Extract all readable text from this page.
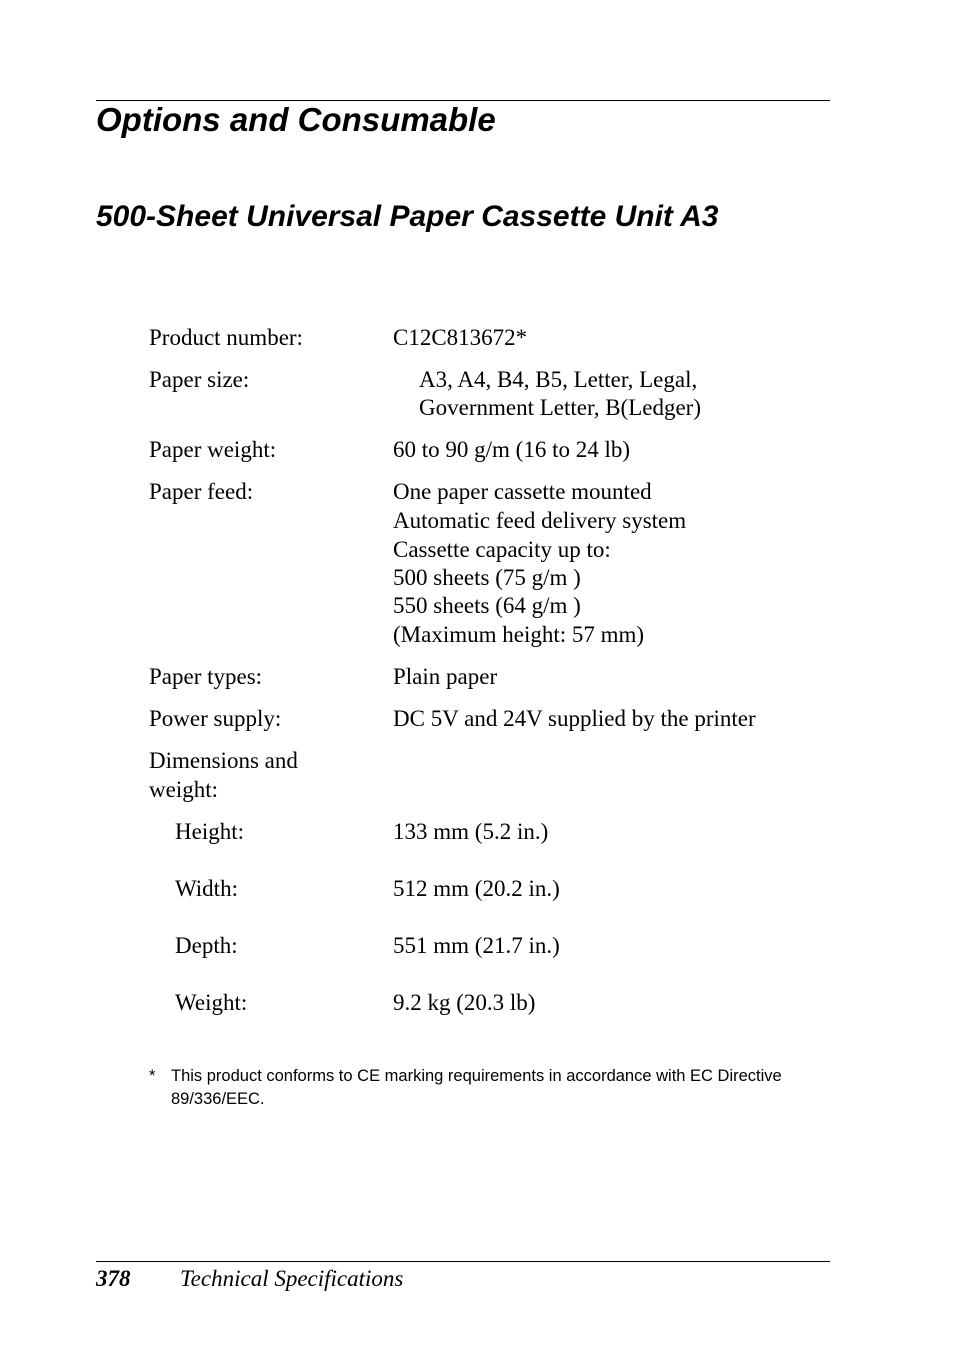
Options and Consumable
500-Sheet Universal Paper Cassette Unit A3
Product number:	C12C813672*
Paper size:	A3, A4, B4, B5, Letter, Legal,
Government Letter, B(Ledger)
Paper weight:	60 to 90 g/m (16 to 24 lb)
Paper feed:	One paper cassette mounted
Automatic feed delivery system
Cassette capacity up to:
500 sheets (75 g/m )
550 sheets (64 g/m )
(Maximum height: 57 mm)
Paper types:	Plain paper
Power supply:	DC 5V and 24V supplied by the printer
Dimensions and
weight:
Height:	133 mm (5.2 in.)
Width:	512 mm (20.2 in.)
Depth:	551 mm (21.7 in.)
Weight:	9.2 kg (20.3 lb)
* This product conforms to CE marking requirements in accordance with EC Directive
89/336/EEC.
378 Technical Specifications
